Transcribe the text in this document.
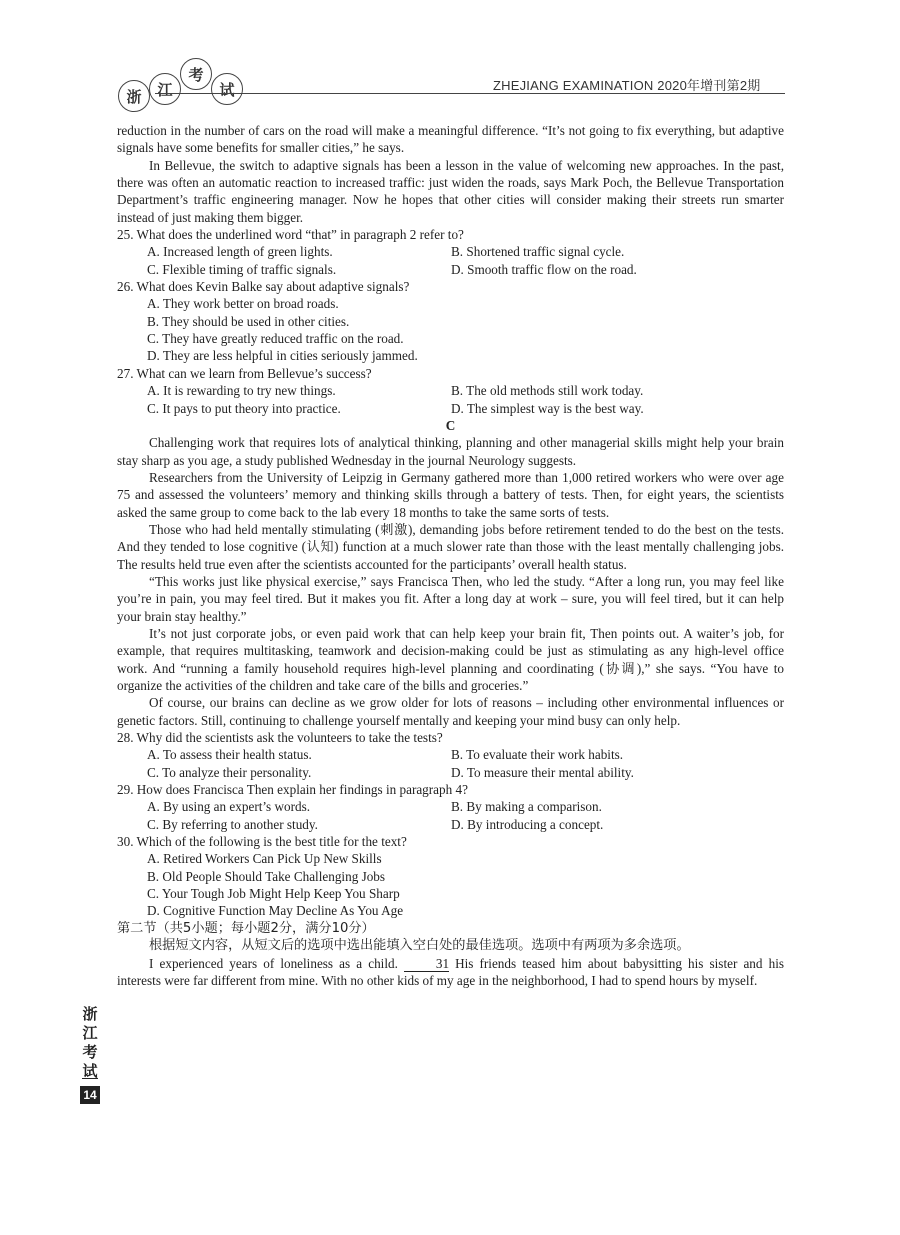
浙	江
考
试	ZHEJIANG EXAMINATION 2020年增刊第2期

reduction in the number of cars on the road will make a meaningful difference. “It’s not going to fix everything, but adaptive signals have some benefits for smaller cities,” he says.

In Bellevue, the switch to adaptive signals has been a lesson in the value of welcoming new approaches. In the past, there was often an automatic reaction to increased traffic: just widen the roads, says Mark Poch, the Bellevue Transportation Department’s traffic engineering manager. Now he hopes that other cities will consider making their streets run smarter instead of just making them bigger.

25. What does the underlined word “that” in paragraph 2 refer to?

A. Increased length of green lights.	B. Shortened traffic signal cycle.
C. Flexible timing of traffic signals.	D. Smooth traffic flow on the road.

26. What does Kevin Balke say about adaptive signals?

A. They work better on broad roads.

B. They should be used in other cities.

C. They have greatly reduced traffic on the road.

D. They are less helpful in cities seriously jammed.

27. What can we learn from Bellevue’s success?

A. It is rewarding to try new things.	B. The old methods still work today.
C. It pays to put theory into practice.	D. The simplest way is the best way.

C

Challenging work that requires lots of analytical thinking, planning and other managerial skills might help your brain stay sharp as you age, a study published Wednesday in the journal Neurology suggests.

Researchers from the University of Leipzig in Germany gathered more than 1,000 retired workers who were over age 75 and assessed the volunteers’ memory and thinking skills through a battery of tests. Then, for eight years, the scientists asked the same group to come back to the lab every 18 months to take the same sorts of tests.

Those who had held mentally stimulating (刺激), demanding jobs before retirement tended to do the best on the tests. And they tended to lose cognitive (认知) function at a much slower rate than those with the least mentally challenging jobs. The results held true even after the scientists accounted for the participants’ overall health status.

“This works just like physical exercise,” says Francisca Then, who led the study. “After a long run, you may feel like you’re in pain, you may feel tired. But it makes you fit. After a long day at work – sure, you will feel tired, but it can help your brain stay healthy.”

It’s not just corporate jobs, or even paid work that can help keep your brain fit, Then points out. A waiter’s job, for example, that requires multitasking, teamwork and decision-making could be just as stimulating as any high-level office work. And “running a family household requires high-level planning and coordinating (协调),” she says. “You have to organize the activities of the children and take care of the bills and groceries.”

Of course, our brains can decline as we grow older for lots of reasons – including other environmental influences or genetic factors. Still, continuing to challenge yourself mentally and keeping your mind busy can only help.

28. Why did the scientists ask the volunteers to take the tests?

A. To assess their health status.	B. To evaluate their work habits.
C. To analyze their personality.	D. To measure their mental ability.

29. How does Francisca Then explain her findings in paragraph 4?

A. By using an expert’s words.	B. By making a comparison.
C. By referring to another study.	D. By introducing a concept.

30. Which of the following is the best title for the text?

A. Retired Workers Can Pick Up New Skills

B. Old People Should Take Challenging Jobs

C. Your Tough Job Might Help Keep You Sharp

D. Cognitive Function May Decline As You Age

第二节（共5小题；每小题2分，满分10分）

根据短文内容，从短文后的选项中选出能填入空白处的最佳选项。选项中有两项为多余选项。

I experienced years of loneliness as a child.	31 His friends teased him about babysitting his sister and his interests were far different from mine. With no other kids of my age in the neighborhood, I had to spend hours by myself.

浙
江
考
试
14
